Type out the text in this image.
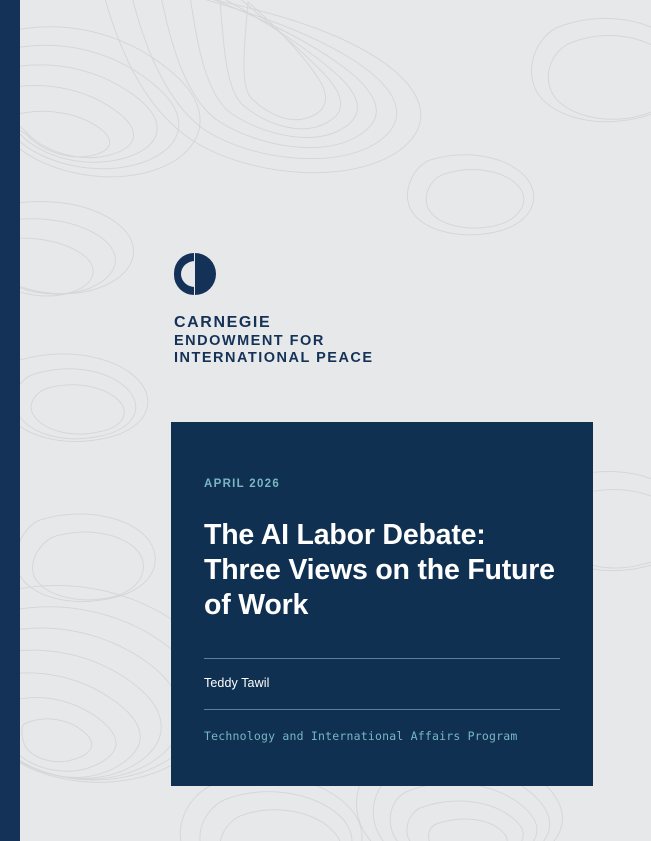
CARNEGIE
ENDOWMENT FOR
INTERNATIONAL PEACE
APRIL 2026
The AI Labor Debate: Three Views on the Future of Work
Teddy Tawil
Technology and International Affairs Program
